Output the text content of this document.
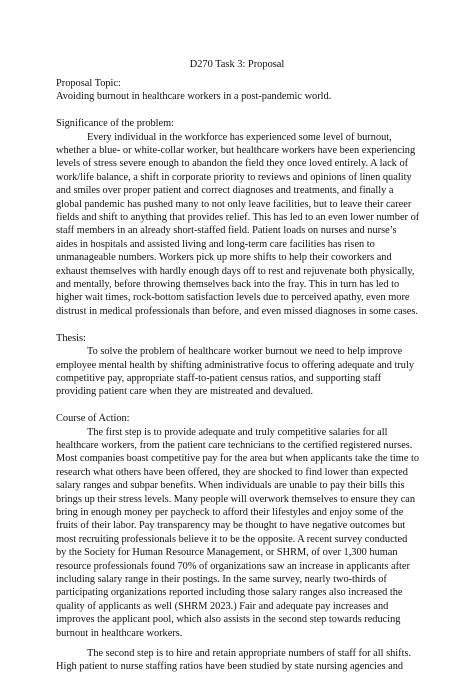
D270 Task 3: Proposal

Proposal Topic:

Avoiding burnout in healthcare workers in a post-pandemic world.

Significance of the problem:

Every individual in the workforce has experienced some level of burnout, whether a blue- or white-collar worker, but healthcare workers have been experiencing levels of stress severe enough to abandon the field they once loved entirely. A lack of work/life balance, a shift in corporate priority to reviews and opinions of linen quality and smiles over proper patient and correct diagnoses and treatments, and finally a global pandemic has pushed many to not only leave facilities, but to leave their career fields and shift to anything that provides relief. This has led to an even lower number of staff members in an already short-staffed field. Patient loads on nurses and nurse’s aides in hospitals and assisted living and long-term care facilities has risen to unmanageable numbers. Workers pick up more shifts to help their coworkers and exhaust themselves with hardly enough days off to rest and rejuvenate both physically, and mentally, before throwing themselves back into the fray. This in turn has led to higher wait times, rock-bottom satisfaction levels due to perceived apathy, even more distrust in medical professionals than before, and even missed diagnoses in some cases.

Thesis:

To solve the problem of healthcare worker burnout we need to help improve employee mental health by shifting administrative focus to offering adequate and truly competitive pay, appropriate staff-to-patient census ratios, and supporting staff providing patient care when they are mistreated and devalued.

Course of Action:

The first step is to provide adequate and truly competitive salaries for all healthcare workers, from the patient care technicians to the certified registered nurses. Most companies boast competitive pay for the area but when applicants take the time to research what others have been offered, they are shocked to find lower than expected salary ranges and subpar benefits. When individuals are unable to pay their bills this brings up their stress levels. Many people will overwork themselves to ensure they can bring in enough money per paycheck to afford their lifestyles and enjoy some of the fruits of their labor. Pay transparency may be thought to have negative outcomes but most recruiting professionals believe it to be the opposite. A recent survey conducted by the Society for Human Resource Management, or SHRM, of over 1,300 human resource professionals found 70% of organizations saw an increase in applicants after including salary range in their postings. In the same survey, nearly two-thirds of participating organizations reported including those salary ranges also increased the quality of applicants as well (SHRM 2023.) Fair and adequate pay increases and improves the applicant pool, which also assists in the second step towards reducing burnout in healthcare workers.

The second step is to hire and retain appropriate numbers of staff for all shifts. High patient to nurse staffing ratios have been studied by state nursing agencies and
